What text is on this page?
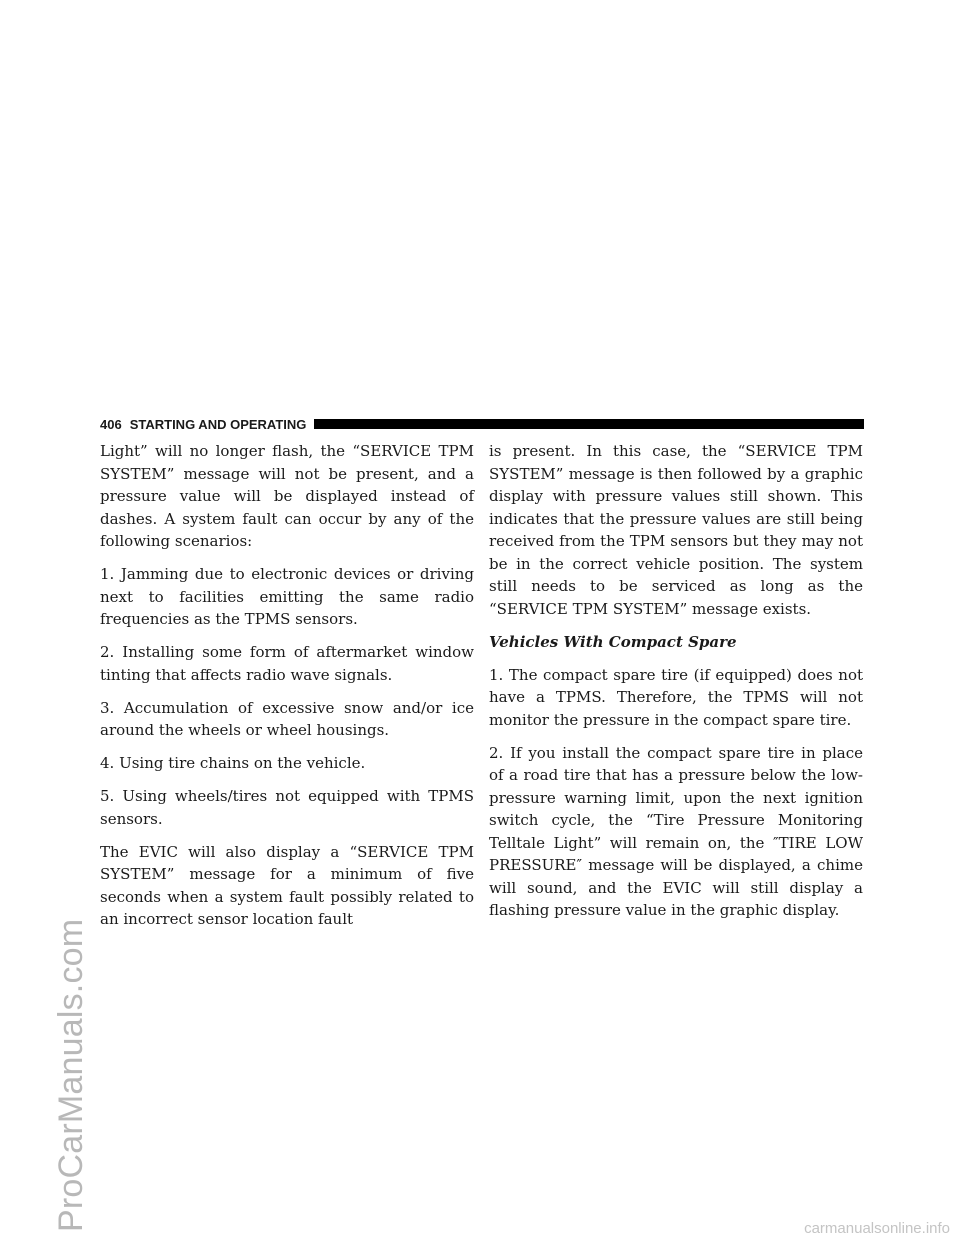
ProCarManuals.com
406 STARTING AND OPERATING

Light” will no longer flash, the “SERVICE TPM SYSTEM” message will not be present, and a pressure value will be displayed instead of dashes. A system fault can occur by any of the following scenarios:

1. Jamming due to electronic devices or driving next to facilities emitting the same radio frequencies as the TPMS sensors.

2. Installing some form of aftermarket window tinting that affects radio wave signals.

3. Accumulation of excessive snow and/or ice around the wheels or wheel housings.

4. Using tire chains on the vehicle.

5. Using wheels/tires not equipped with TPMS sensors.

The EVIC will also display a “SERVICE TPM SYSTEM” message for a minimum of five seconds when a system fault possibly related to an incorrect sensor location fault

is present. In this case, the “SERVICE TPM SYSTEM” message is then followed by a graphic display with pressure values still shown. This indicates that the pressure values are still being received from the TPM sensors but they may not be in the correct vehicle position. The system still needs to be serviced as long as the “SERVICE TPM SYSTEM” message exists.

Vehicles With Compact Spare

1. The compact spare tire (if equipped) does not have a TPMS. Therefore, the TPMS will not monitor the pressure in the compact spare tire.

2. If you install the compact spare tire in place of a road tire that has a pressure below the low-pressure warning limit, upon the next ignition switch cycle, the “Tire Pressure Monitoring Telltale Light” will remain on, the ″TIRE LOW PRESSURE″ message will be displayed, a chime will sound, and the EVIC will still display a flashing pressure value in the graphic display.

carmanualsonline.info
